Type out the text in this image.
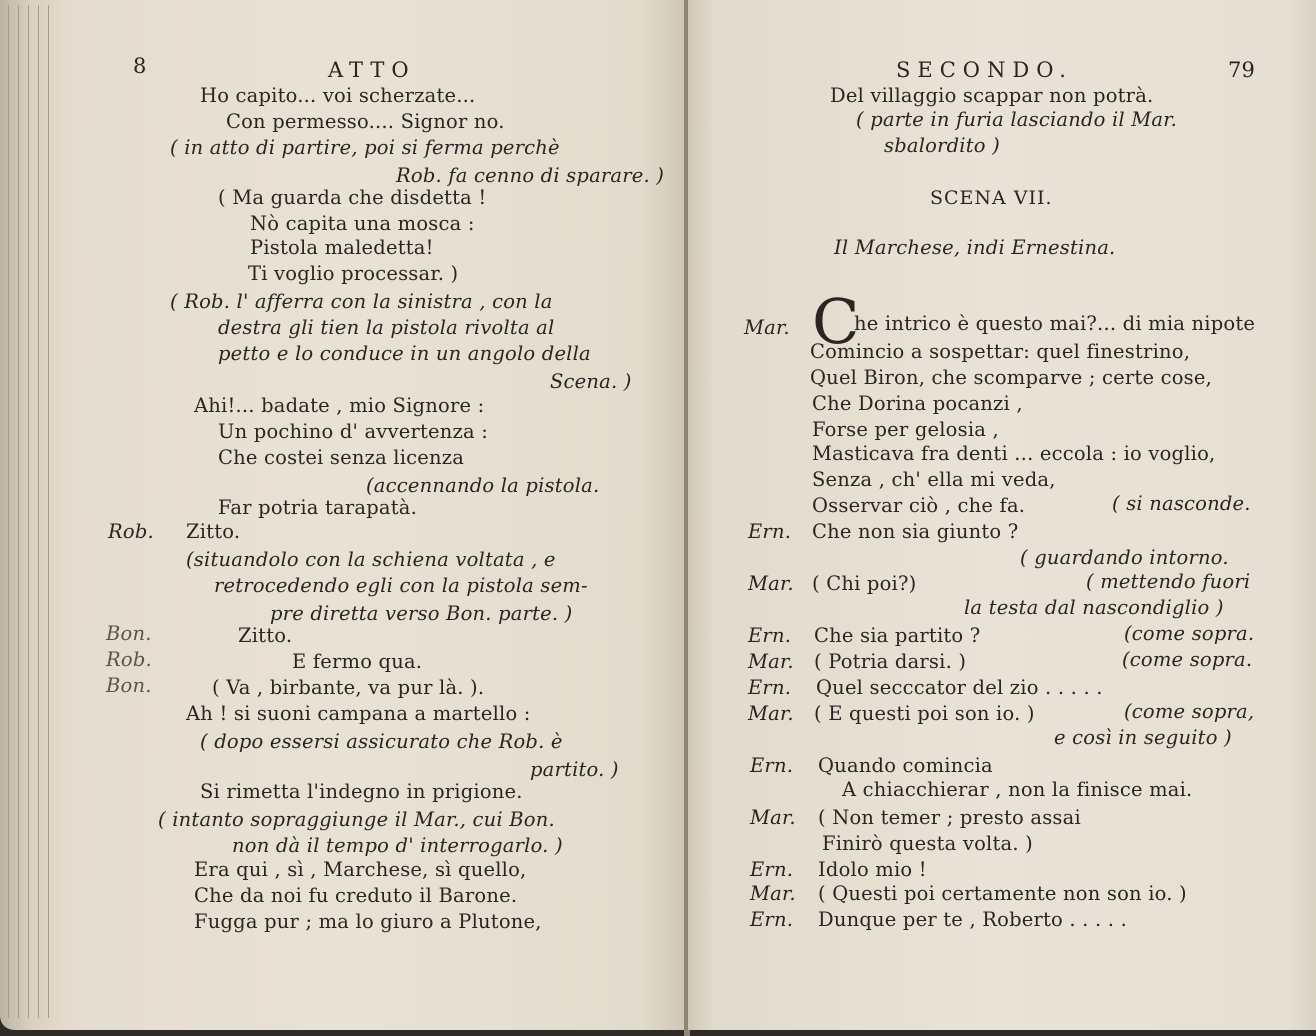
8	ATTO
Ho capito... voi scherzate...
Con permesso.... Signor no.
( in atto di partire, poi si ferma perchè
Rob. fa cenno di sparare. )
( Ma guarda che disdetta !
Nò capita una mosca :
Pistola maledetta!
Ti voglio processar. )
( Rob. l' afferra con la sinistra , con la
destra gli tien la pistola rivolta al
petto e lo conduce in un angolo della
Scena. )
Ahi!... badate , mio Signore :
Un pochino d' avvertenza :
Che costei senza licenza
(accennando la pistola.
Far potria tarapatà.
Rob. Zitto.
(situandolo con la schiena voltata , e
retrocedendo egli con la pistola sem-
pre diretta verso Bon. parte. )
Bon.	Zitto.
Rob.	E fermo qua.
Bon.	( Va , birbante, va pur là. ).
Ah ! si suoni campana a martello :
( dopo essersi assicurato che Rob. è
partito. )
Si rimetta l'indegno in prigione.
( intanto sopraggiunge il Mar., cui Bon.
non dà il tempo d' interrogarlo. )
Era qui , sì , Marchese, sì quello,
Che da noi fu creduto il Barone.
Fugga pur ; ma lo giuro a Plutone,
SECONDO.	79
Del villaggio scappar non potrà.
( parte in furia lasciando il Mar.
sbalordito )
SCENA VII.
Il Marchese, indi Ernestina.
Mar. C
he intrico è questo mai?... di mia nipote
Comincio a sospettar: quel finestrino,
Quel Biron, che scomparve ; certe cose,
Che Dorina pocanzi ,
Forse per gelosia ,
Masticava fra denti ... eccola : io voglio,
Senza , ch' ella mi veda,
Osservar ciò , che fa.	( si nasconde.
Ern. Che non sia giunto ?
( guardando intorno.
Mar. ( Chi poi?)	( mettendo fuori
la testa dal nascondiglio )
Ern. Che sia partito ?	(come sopra.
Mar. ( Potria darsi. )	(come sopra.
Ern. Quel secccator del zio . . . . .
Mar. ( E questi poi son io. )	(come sopra,
e così in seguito )
Ern. Quando comincia
A chiacchierar , non la finisce mai.
Mar. ( Non temer ; presto assai
Finirò questa volta. )
Ern. Idolo mio !
Mar. ( Questi poi certamente non son io. )
Ern. Dunque per te , Roberto . . . . .
